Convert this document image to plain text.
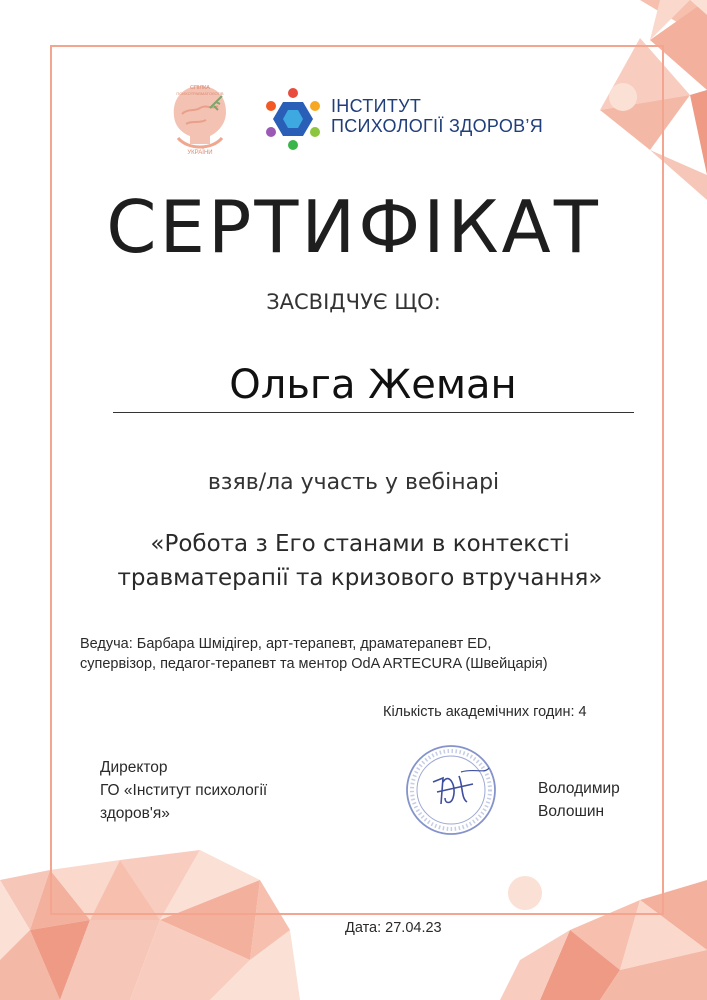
СПІЛКА
ПСИХОТРАВМАТОЛОГІВ
УКРАЇНИ
ІНСТИТУТ
ПСИХОЛОГІЇ ЗДОРОВ’Я
СЕРТИФІКАТ
ЗАСВІДЧУЄ ЩО:
Ольга Жеман
взяв/ла участь у вебінарі
«Робота з Его станами в контексті
травматерапії та кризового втручання»
Ведуча: Барбара Шмідігер, арт-терапевт, драматерапевт ED,
супервізор, педагог-терапевт та ментор OdA ARTECURA (Швейцарія)
Кількість академічних годин: 4
Директор
ГО «Інститут психології
здоров'я»
Володимир
Волошин
Дата: 27.04.23
